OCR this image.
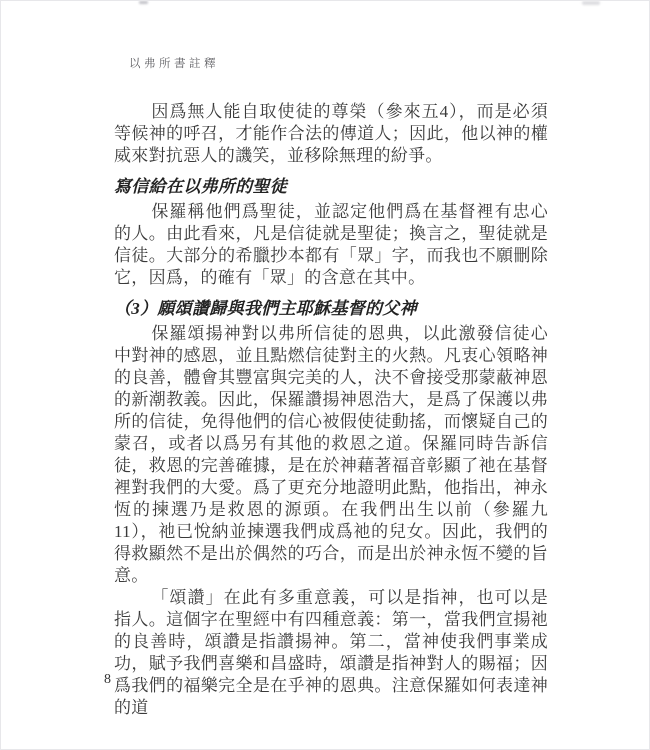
以弗所書註釋
因爲無人能自取使徒的尊榮（參來五4），而是必須等候神的呼召，才能作合法的傳道人；因此，他以神的權威來對抗惡人的譏笑，並移除無理的紛爭。
寫信給在以弗所的聖徒
保羅稱他們爲聖徒，並認定他們爲在基督裡有忠心的人。由此看來，凡是信徒就是聖徒；換言之，聖徒就是信徒。大部分的希臘抄本都有「眾」字，而我也不願刪除它，因爲，的確有「眾」的含意在其中。
（3）願頌讚歸與我們主耶穌基督的父神
保羅頌揚神對以弗所信徒的恩典，以此激發信徒心中對神的感恩，並且點燃信徒對主的火熱。凡衷心領略神的良善，體會其豐富與完美的人，決不會接受那蒙蔽神恩的新潮教義。因此，保羅讚揚神恩浩大，是爲了保護以弗所的信徒，免得他們的信心被假使徒動搖，而懷疑自己的蒙召，或者以爲另有其他的救恩之道。保羅同時告訴信徒，救恩的完善確據，是在於神藉著福音彰顯了祂在基督裡對我們的大愛。爲了更充分地證明此點，他指出，神永恆的揀選乃是救恩的源頭。在我們出生以前（參羅九11），祂已悅納並揀選我們成爲祂的兒女。因此，我們的得救顯然不是出於偶然的巧合，而是出於神永恆不變的旨意。
「頌讚」在此有多重意義，可以是指神，也可以是指人。這個字在聖經中有四種意義：第一，當我們宣揚祂的良善時，頌讚是指讚揚神。第二，當神使我們事業成功，賦予我們喜樂和昌盛時，頌讚是指神對人的賜福；因爲我們的福樂完全是在乎神的恩典。注意保羅如何表達神的道
8
